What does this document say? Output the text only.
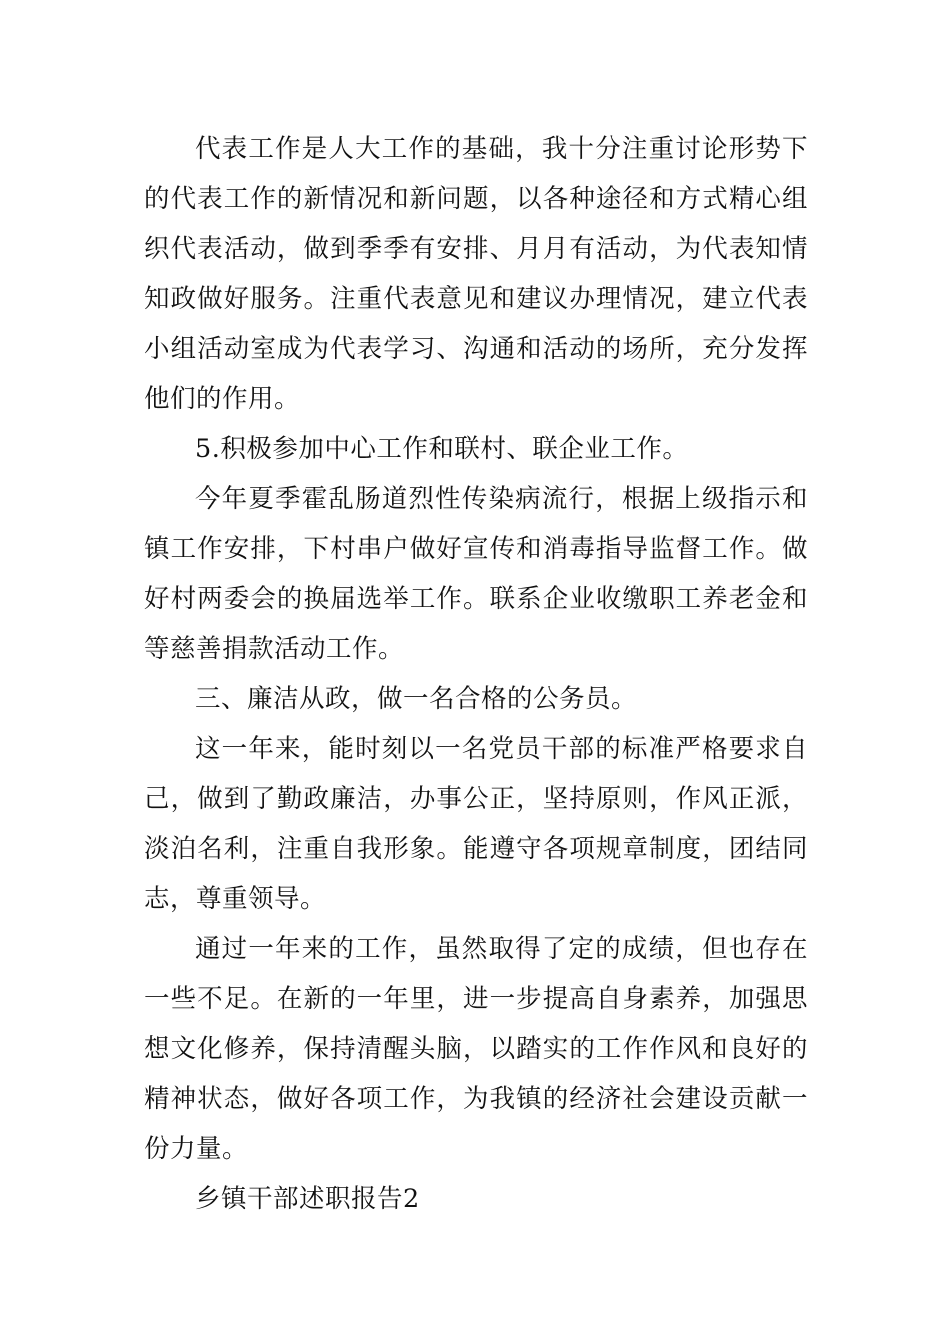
代表工作是人大工作的基础，我十分注重讨论形势下的代表工作的新情况和新问题，以各种途径和方式精心组织代表活动，做到季季有安排、月月有活动，为代表知情知政做好服务。注重代表意见和建议办理情况，建立代表小组活动室成为代表学习、沟通和活动的场所，充分发挥他们的作用。

5.积极参加中心工作和联村、联企业工作。

今年夏季霍乱肠道烈性传染病流行，根据上级指示和镇工作安排，下村串户做好宣传和消毒指导监督工作。做好村两委会的换届选举工作。联系企业收缴职工养老金和等慈善捐款活动工作。

三、廉洁从政，做一名合格的公务员。

这一年来，能时刻以一名党员干部的标准严格要求自己，做到了勤政廉洁，办事公正，坚持原则，作风正派，淡泊名利，注重自我形象。能遵守各项规章制度，团结同志，尊重领导。

通过一年来的工作，虽然取得了定的成绩，但也存在一些不足。在新的一年里，进一步提高自身素养，加强思想文化修养，保持清醒头脑，以踏实的工作作风和良好的精神状态，做好各项工作，为我镇的经济社会建设贡献一份力量。

乡镇干部述职报告2
